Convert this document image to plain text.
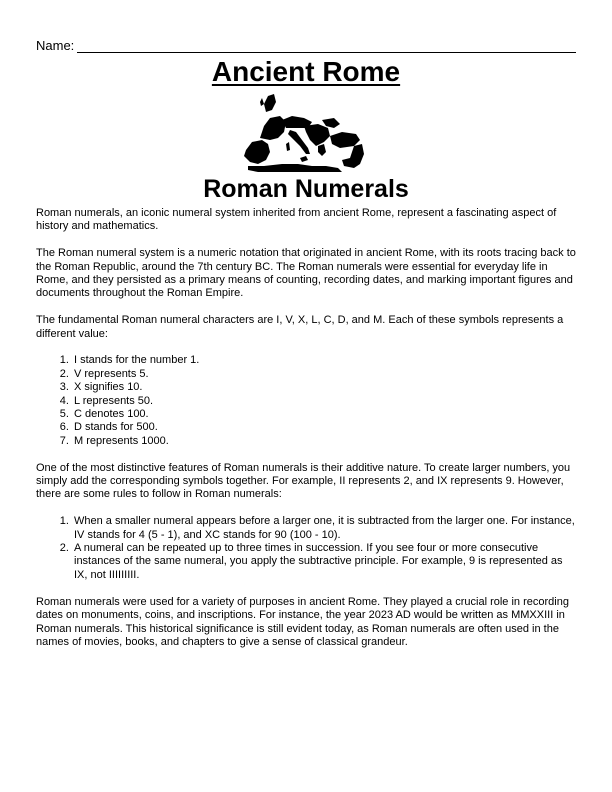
Name:
Ancient Rome
Roman Numerals

Roman numerals, an iconic numeral system inherited from ancient Rome, represent a fascinating aspect of history and mathematics.

The Roman numeral system is a numeric notation that originated in ancient Rome, with its roots tracing back to the Roman Republic, around the 7th century BC. The Roman numerals were essential for everyday life in Rome, and they persisted as a primary means of counting, recording dates, and marking important figures and documents throughout the Roman Empire.

The fundamental Roman numeral characters are I, V, X, L, C, D, and M. Each of these symbols represents a different value:

1. I stands for the number 1.
2. V represents 5.
3. X signifies 10.
4. L represents 50.
5. C denotes 100.
6. D stands for 500.
7. M represents 1000.

One of the most distinctive features of Roman numerals is their additive nature. To create larger numbers, you simply add the corresponding symbols together. For example, II represents 2, and IX represents 9. However, there are some rules to follow in Roman numerals:

1. When a smaller numeral appears before a larger one, it is subtracted from the larger one. For instance, IV stands for 4 (5 - 1), and XC stands for 90 (100 - 10).
2. A numeral can be repeated up to three times in succession. If you see four or more consecutive instances of the same numeral, you apply the subtractive principle. For example, 9 is represented as IX, not IIIIIIIII.

Roman numerals were used for a variety of purposes in ancient Rome. They played a crucial role in recording dates on monuments, coins, and inscriptions. For instance, the year 2023 AD would be written as MMXXIII in Roman numerals. This historical significance is still evident today, as Roman numerals are often used in the names of movies, books, and chapters to give a sense of classical grandeur.
